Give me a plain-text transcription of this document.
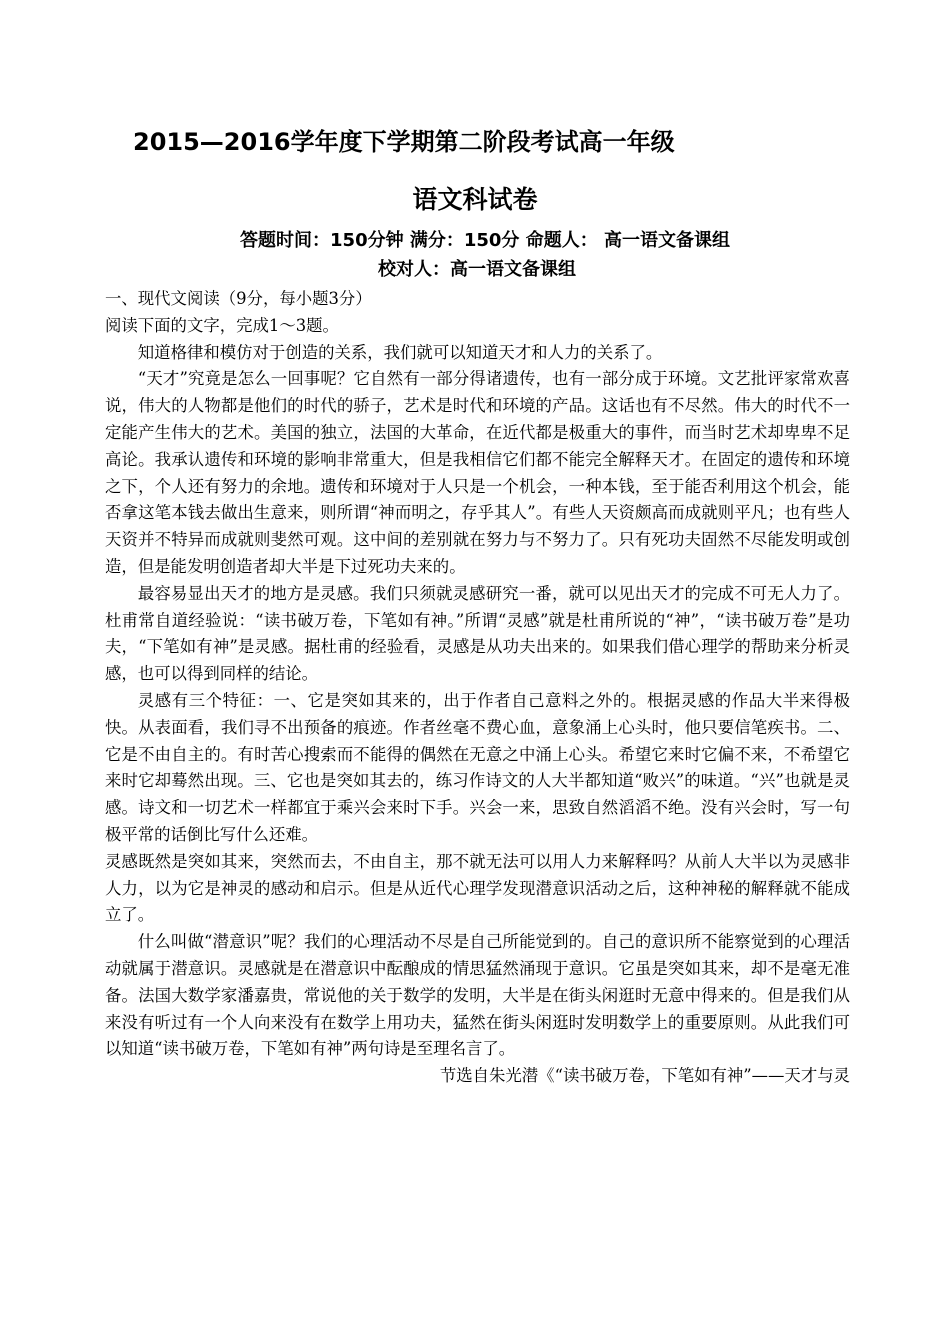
2015—2016学年度下学期第二阶段考试高一年级
语文科试卷
答题时间：150分钟 满分：150分 命题人： 高一语文备课组
校对人：高一语文备课组

一、现代文阅读（9分，每小题3分）

阅读下面的文字，完成1～3题。

知道格律和模仿对于创造的关系，我们就可以知道天才和人力的关系了。

“天才”究竟是怎么一回事呢？它自然有一部分得诸遗传，也有一部分成于环境。文艺批评家常欢喜说，伟大的人物都是他们的时代的骄子，艺术是时代和环境的产品。这话也有不尽然。伟大的时代不一定能产生伟大的艺术。美国的独立，法国的大革命，在近代都是极重大的事件，而当时艺术却卑卑不足高论。我承认遗传和环境的影响非常重大，但是我相信它们都不能完全解释天才。在固定的遗传和环境之下，个人还有努力的余地。遗传和环境对于人只是一个机会，一种本钱，至于能否利用这个机会，能否拿这笔本钱去做出生意来，则所谓“神而明之，存乎其人”。有些人天资颇高而成就则平凡；也有些人天资并不特异而成就则斐然可观。这中间的差别就在努力与不努力了。只有死功夫固然不尽能发明或创造，但是能发明创造者却大半是下过死功夫来的。

最容易显出天才的地方是灵感。我们只须就灵感研究一番，就可以见出天才的完成不可无人力了。杜甫常自道经验说：“读书破万卷，下笔如有神。”所谓“灵感”就是杜甫所说的“神”，“读书破万卷”是功夫，“下笔如有神”是灵感。据杜甫的经验看，灵感是从功夫出来的。如果我们借心理学的帮助来分析灵感，也可以得到同样的结论。

灵感有三个特征：一、它是突如其来的，出于作者自己意料之外的。根据灵感的作品大半来得极快。从表面看，我们寻不出预备的痕迹。作者丝毫不费心血，意象涌上心头时，他只要信笔疾书。二、它是不由自主的。有时苦心搜索而不能得的偶然在无意之中涌上心头。希望它来时它偏不来，不希望它来时它却蓦然出现。三、它也是突如其去的，练习作诗文的人大半都知道“败兴”的味道。“兴”也就是灵感。诗文和一切艺术一样都宜于乘兴会来时下手。兴会一来，思致自然滔滔不绝。没有兴会时，写一句极平常的话倒比写什么还难。

灵感既然是突如其来，突然而去，不由自主，那不就无法可以用人力来解释吗？从前人大半以为灵感非人力，以为它是神灵的感动和启示。但是从近代心理学发现潜意识活动之后，这种神秘的解释就不能成立了。

什么叫做“潜意识”呢？我们的心理活动不尽是自己所能觉到的。自己的意识所不能察觉到的心理活动就属于潜意识。灵感就是在潜意识中酝酿成的情思猛然涌现于意识。它虽是突如其来，却不是毫无准备。法国大数学家潘嘉贵，常说他的关于数学的发明，大半是在街头闲逛时无意中得来的。但是我们从来没有听过有一个人向来没有在数学上用功夫，猛然在街头闲逛时发明数学上的重要原则。从此我们可以知道“读书破万卷，下笔如有神”两句诗是至理名言了。

节选自朱光潜《“读书破万卷，下笔如有神”——天才与灵
